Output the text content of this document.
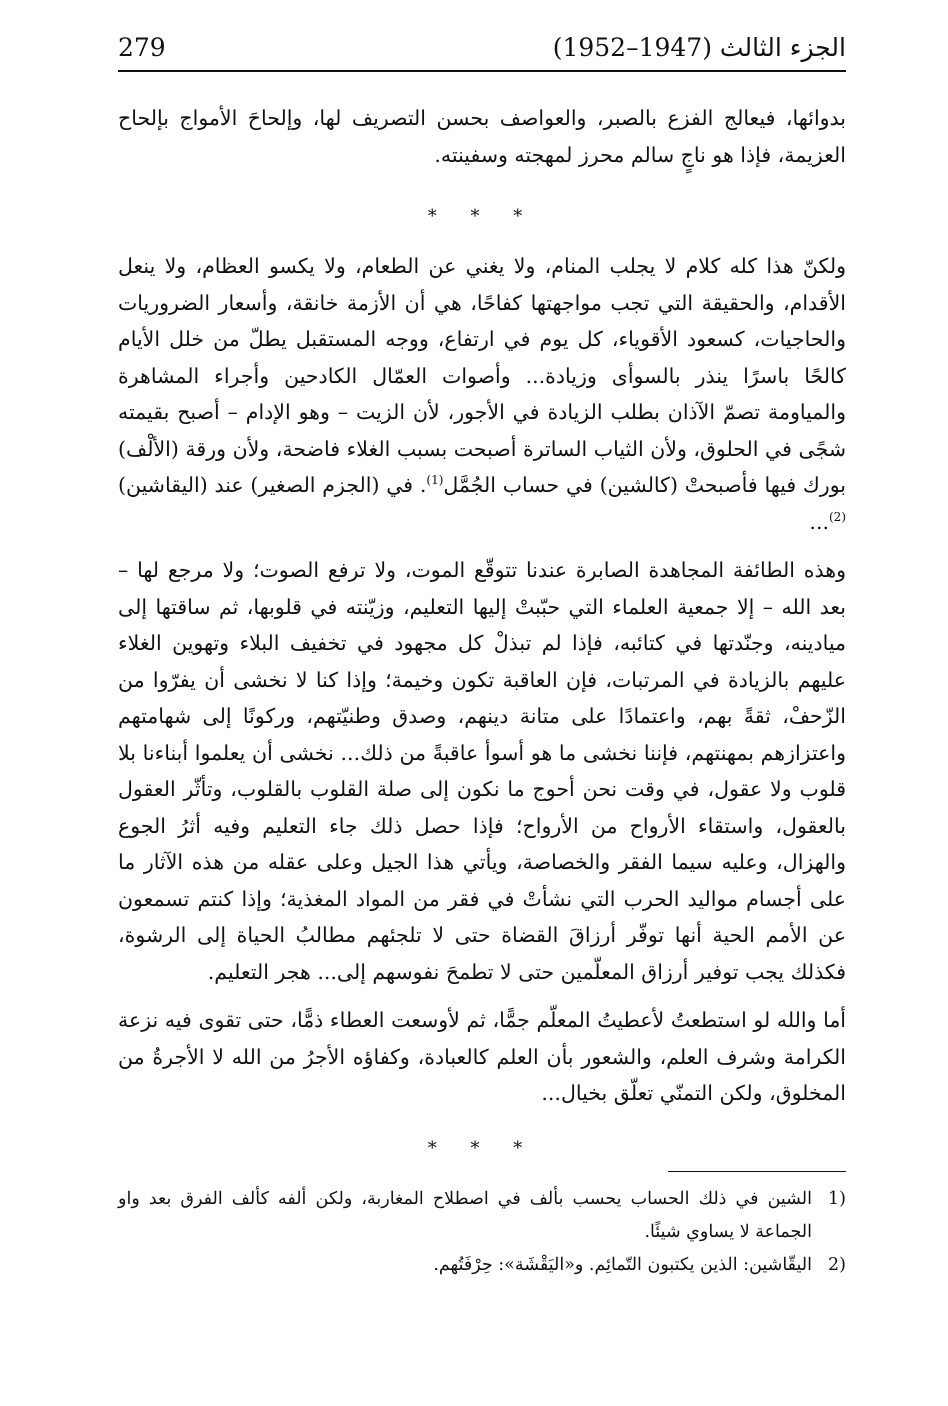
279	الجزء الثالث (1947–1952)

بدوائها، فيعالج الفزع بالصبر، والعواصف بحسن التصريف لها، وإلحاحَ الأمواج بإلحاح العزيمة، فإذا هو ناجٍ سالم محرز لمهجته وسفينته.

* * *

ولكنّ هذا كله كلام لا يجلب المنام، ولا يغني عن الطعام، ولا يكسو العظام، ولا ينعل الأقدام، والحقيقة التي تجب مواجهتها كفاحًا، هي أن الأزمة خانقة، وأسعار الضروريات والحاجيات، كسعود الأقوياء، كل يوم في ارتفاع، ووجه المستقبل يطلّ من خلل الأيام كالحًا باسرًا ينذر بالسوأى وزيادة... وأصوات العمّال الكادحين وأجراء المشاهرة والمياومة تصمّ الآذان بطلب الزيادة في الأجور، لأن الزيت – وهو الإدام – أصبح بقيمته شجًى في الحلوق، ولأن الثياب الساترة أصبحت بسبب الغلاء فاضحة، ولأن ورقة (الألْف) بورك فيها فأصبحتْ (كالشين) في حساب الجُمَّل$^{(1)}$. في (الجزم الصغير) عند (اليقاشين)$^{(2)}$...

وهذه الطائفة المجاهدة الصابرة عندنا تتوقّع الموت، ولا ترفع الصوت؛ ولا مرجع لها – بعد الله – إلا جمعية العلماء التي حبّبتْ إليها التعليم، وزيّنته في قلوبها، ثم ساقتها إلى ميادينه، وجنّدتها في كتائبه، فإذا لم تبذلْ كل مجهود في تخفيف البلاء وتهوين الغلاء عليهم بالزيادة في المرتبات، فإن العاقبة تكون وخيمة؛ وإذا كنا لا نخشى أن يفرّوا من الزّحفْ، ثقةً بهم، واعتمادًا على متانة دينهم، وصدق وطنيّتهم، وركونًا إلى شهامتهم واعتزازهم بمهنتهم، فإننا نخشى ما هو أسوأ عاقبةً من ذلك... نخشى أن يعلموا أبناءنا بلا قلوب ولا عقول، في وقت نحن أحوج ما نكون إلى صلة القلوب بالقلوب، وتأثّر العقول بالعقول، واستقاء الأرواح من الأرواح؛ فإذا حصل ذلك جاء التعليم وفيه أثرُ الجوع والهزال، وعليه سيما الفقر والخصاصة، ويأتي هذا الجيل وعلى عقله من هذه الآثار ما على أجسام مواليد الحرب التي نشأتْ في فقر من المواد المغذية؛ وإذا كنتم تسمعون عن الأمم الحية أنها توفّر أرزاقَ القضاة حتى لا تلجئهم مطالبُ الحياة إلى الرشوة، فكذلك يجب توفير أرزاق المعلّمين حتى لا تطمحَ نفوسهم إلى... هجر التعليم.

أما والله لو استطعتُ لأعطيتُ المعلّم جمًّا، ثم لأوسعت العطاء ذمًّا، حتى تقوى فيه نزعة الكرامة وشرف العلم، والشعور بأن العلم كالعبادة، وكفاؤه الأجرُ من الله لا الأجرةُ من المخلوق، ولكن التمنّي تعلّق بخيال...

* * *
1)
الشين في ذلك الحساب يحسب بألف في اصطلاح المغاربة، ولكن ألفه كألف الفرق بعد واو الجماعة لا يساوي شيئًا.
2)
اليقّاشين: الذين يكتبون التّمائِم. و«اليَقْشَة»: حِرْفَتُهم.
